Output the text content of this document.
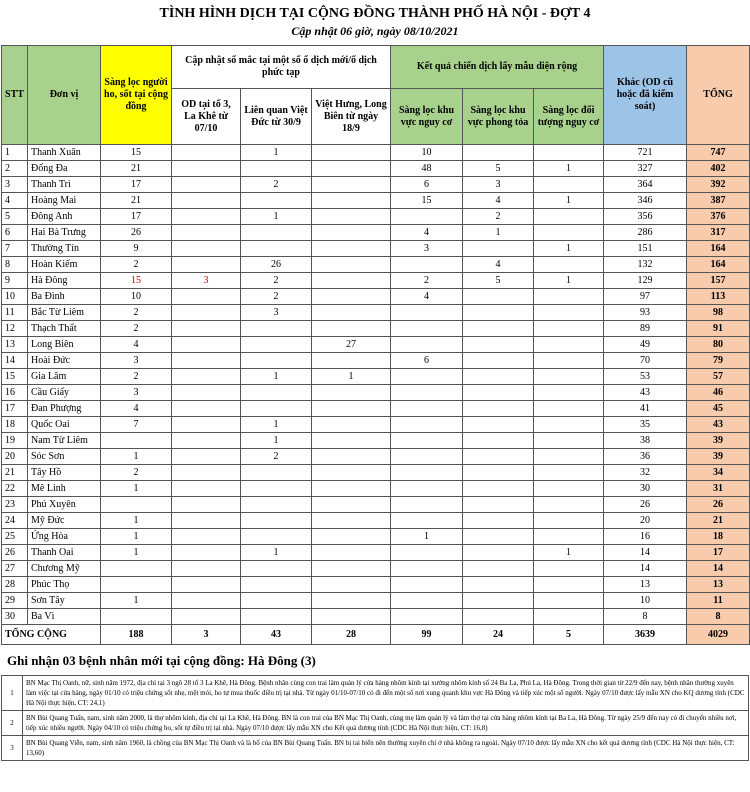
TÌNH HÌNH DỊCH TẠI CỘNG ĐỒNG THÀNH PHỐ HÀ NỘI - ĐỢT 4
Cập nhật 06 giờ, ngày 08/10/2021
STT	Đơn vị	Sàng lọc người ho, sốt tại cộng đồng	Cập nhật số mắc tại một số ổ dịch mới/ổ dịch phức tạp			Kết quả chiến dịch lấy mẫu diện rộng			Khác (OD cũ hoặc đã kiểm soát)	TỔNG
			OD tại tổ 3, La Khê từ 07/10	Liên quan Việt Đức từ 30/9	Việt Hưng, Long Biên từ ngày 18/9	Sàng lọc khu vực nguy cơ	Sàng lọc khu vực phong tỏa	Sàng lọc đối tượng nguy cơ		
1	Thanh Xuân	15		1		10			721	747
2	Đống Đa	21				48	5	1	327	402
3	Thanh Trì	17		2		6	3		364	392
4	Hoàng Mai	21				15	4	1	346	387
5	Đông Anh	17		1			2		356	376
6	Hai Bà Trưng	26				4	1		286	317
7	Thường Tín	9				3		1	151	164
8	Hoàn Kiếm	2		26			4		132	164
9	Hà Đông	15	3	2		2	5	1	129	157
10	Ba Đình	10		2		4			97	113
11	Bắc Từ Liêm	2		3					93	98
12	Thạch Thất	2							89	91
13	Long Biên	4			27				49	80
14	Hoài Đức	3				6			70	79
15	Gia Lâm	2		1	1				53	57
16	Cầu Giấy	3							43	46
17	Đan Phượng	4							41	45
18	Quốc Oai	7		1					35	43
19	Nam Từ Liêm			1					38	39
20	Sóc Sơn	1		2					36	39
21	Tây Hồ	2							32	34
22	Mê Linh	1							30	31
23	Phú Xuyên								26	26
24	Mỹ Đức	1							20	21
25	Ứng Hòa	1				1			16	18
26	Thanh Oai	1		1				1	14	17
27	Chương Mỹ								14	14
28	Phúc Thọ								13	13
29	Sơn Tây	1							10	11
30	Ba Vì								8	8
TỔNG CỘNG		188	3	43	28	99	24	5	3639	4029
Ghi nhận 03 bệnh nhân mới tại cộng đồng: Hà Đông (3)
1	BN Mạc Thị Oanh, nữ, sinh năm 1972, địa chỉ tại 3 ngõ 28 tổ 3 La Khê, Hà Đông. Bệnh nhân cùng con trai làm quản lý cửa hàng nhôm kính tại xưởng nhôm kính số 24 Ba La, Phú La, Hà Đông. Trong thời gian từ 22/9 đến nay, bệnh nhân thường xuyên làm việc tại cửa hàng, ngày 01/10 có triệu chứng sốt nhẹ, mệt mỏi, ho tự mua thuốc điều trị tại nhà. Từ ngày 01/10-07/10 có đi đến một số nơi xung quanh khu vực Hà Đông và tiếp xúc một số người. Ngày 07/10 được lấy mẫu XN cho KQ dương tính (CDC Hà Nội thực hiện, CT: 24,1)
2	BN Bùi Quang Tuấn, nam, sinh năm 2000, là thợ nhôm kính, địa chỉ tại La Khê, Hà Đông. BN là con trai của BN Mạc Thị Oanh, cùng mẹ làm quản lý và làm thợ tại cửa hàng nhôm kính tại Ba La, Hà Đông. Từ ngày 25/9 đến nay có đi chuyển nhiều nơi, tiếp xúc nhiều người. Ngày 04/10 có triệu chứng ho, sốt tự điều trị tại nhà. Ngày 07/10 được lấy mẫu XN cho Kết quả dương tính (CDC Hà Nội thực hiện, CT: 16,8)
3	BN Bùi Quang Viễn, nam, sinh năm 1960, là chồng của BN Mạc Thị Oanh và là bố của BN Bùi Quang Tuấn. BN bị tai biến nên thường xuyên chỉ ở nhà không ra ngoài. Ngày 07/10 được lấy mẫu XN cho kết quả dương tính (CDC Hà Nội thực hiện, CT: 13,60)
